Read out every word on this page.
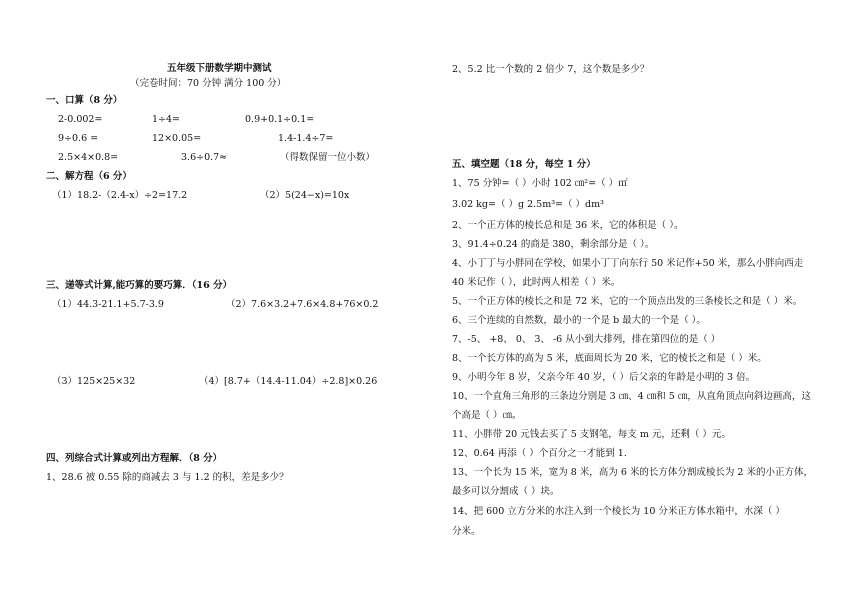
五年级下册数学期中测试
（完卷时间：70 分钟 满分 100 分）
一、口算（8 分）
2-0.002=	1÷4=	0.9+0.1÷0.1=
9÷0.6 =	12×0.05=	1.4-1.4÷7=
2.5×4×0.8=	3.6÷0.7≈	（得数保留一位小数）
二、解方程（6 分）
（1）18.2-（2.4-x）÷2=17.2	（2）5(24−x)=10x
三、递等式计算,能巧算的要巧算．（16 分）
（1）44.3-21.1+5.7-3.9	（2）7.6×3.2+7.6×4.8+76×0.2
（3）125×25×32	（4）[8.7+（14.4-11.04）÷2.8]×0.26
四、列综合式计算或列出方程解．（8 分）
1、28.6 被 0.55 除的商减去 3 与 1.2 的积，差是多少？
2、5.2 比一个数的 2 倍少 7，这个数是多少？
五、填空题（18 分，每空 1 分）
1、75 分钟=（ ）小时 102 ㎝²=（ ）㎡
3.02 kg=（ ）g 2.5m³=（ ）dm³
2、一个正方体的棱长总和是 36 米，它的体积是（ ）。
3、91.4÷0.24 的商是 380，剩余部分是（ ）。
4、小丁丁与小胖同在学校，如果小丁丁向东行 50 米记作+50 米，那么小胖向西走
40 米记作（ ），此时两人相差（ ）米。
5、一个正方体的棱长之和是 72 米，它的一个顶点出发的三条棱长之和是（ ）米。
6、三个连续的自然数，最小的一个是 b 最大的一个是（ ）。
7、-5、 +8、 0、 3、 -6 从小到大排列，排在第四位的是（ ）
8、一个长方体的高为 5 米，底面周长为 20 米，它的棱长之和是（ ）米。
9、小明今年 8 岁，父亲今年 40 岁，（ ）后父亲的年龄是小明的 3 倍。
10、一个直角三角形的三条边分别是 3 ㎝、4 ㎝和 5 ㎝，从直角顶点向斜边画高，这
个高是（ ）㎝。
11、小胖带 20 元钱去买了 5 支钢笔，每支 m 元，还剩（ ）元。
12、0.64 再添（ ）个百分之一才能到 1.
13、一个长为 15 米，宽为 8 米，高为 6 米的长方体分割成棱长为 2 米的小正方体，
最多可以分割成（ ）块。
14、把 600 立方分米的水注入到一个棱长为 10 分米正方体水箱中，水深（ ）
分米。
